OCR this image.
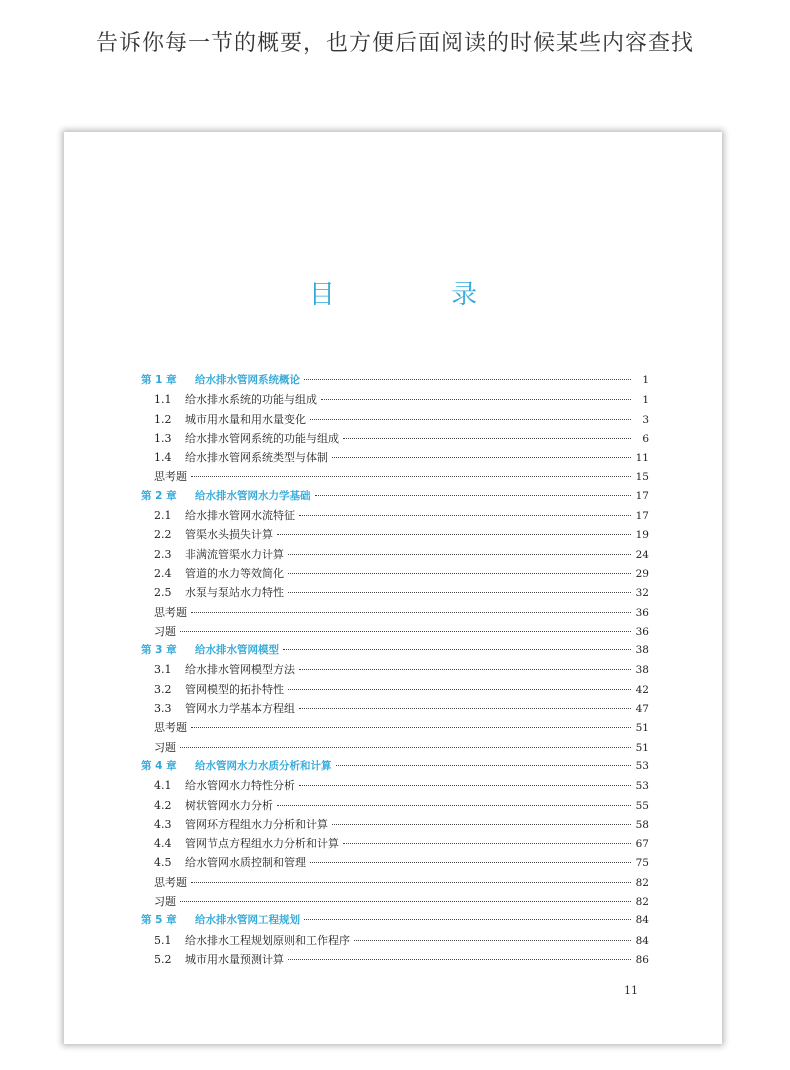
告诉你每一节的概要，也方便后面阅读的时候某些内容查找
目 录
第 1 章	给水排水管网系统概论	1
1.1	给水排水系统的功能与组成	1
1.2	城市用水量和用水量变化	3
1.3	给水排水管网系统的功能与组成	6
1.4	给水排水管网系统类型与体制	11
思考题	15
第 2 章	给水排水管网水力学基础	17
2.1	给水排水管网水流特征	17
2.2	管渠水头损失计算	19
2.3	非满流管渠水力计算	24
2.4	管道的水力等效简化	29
2.5	水泵与泵站水力特性	32
思考题	36
习题	36
第 3 章	给水排水管网模型	38
3.1	给水排水管网模型方法	38
3.2	管网模型的拓扑特性	42
3.3	管网水力学基本方程组	47
思考题	51
习题	51
第 4 章	给水管网水力水质分析和计算	53
4.1	给水管网水力特性分析	53
4.2	树状管网水力分析	55
4.3	管网环方程组水力分析和计算	58
4.4	管网节点方程组水力分析和计算	67
4.5	给水管网水质控制和管理	75
思考题	82
习题	82
第 5 章	给水排水管网工程规划	84
5.1	给水排水工程规划原则和工作程序	84
5.2	城市用水量预测计算	86
11
